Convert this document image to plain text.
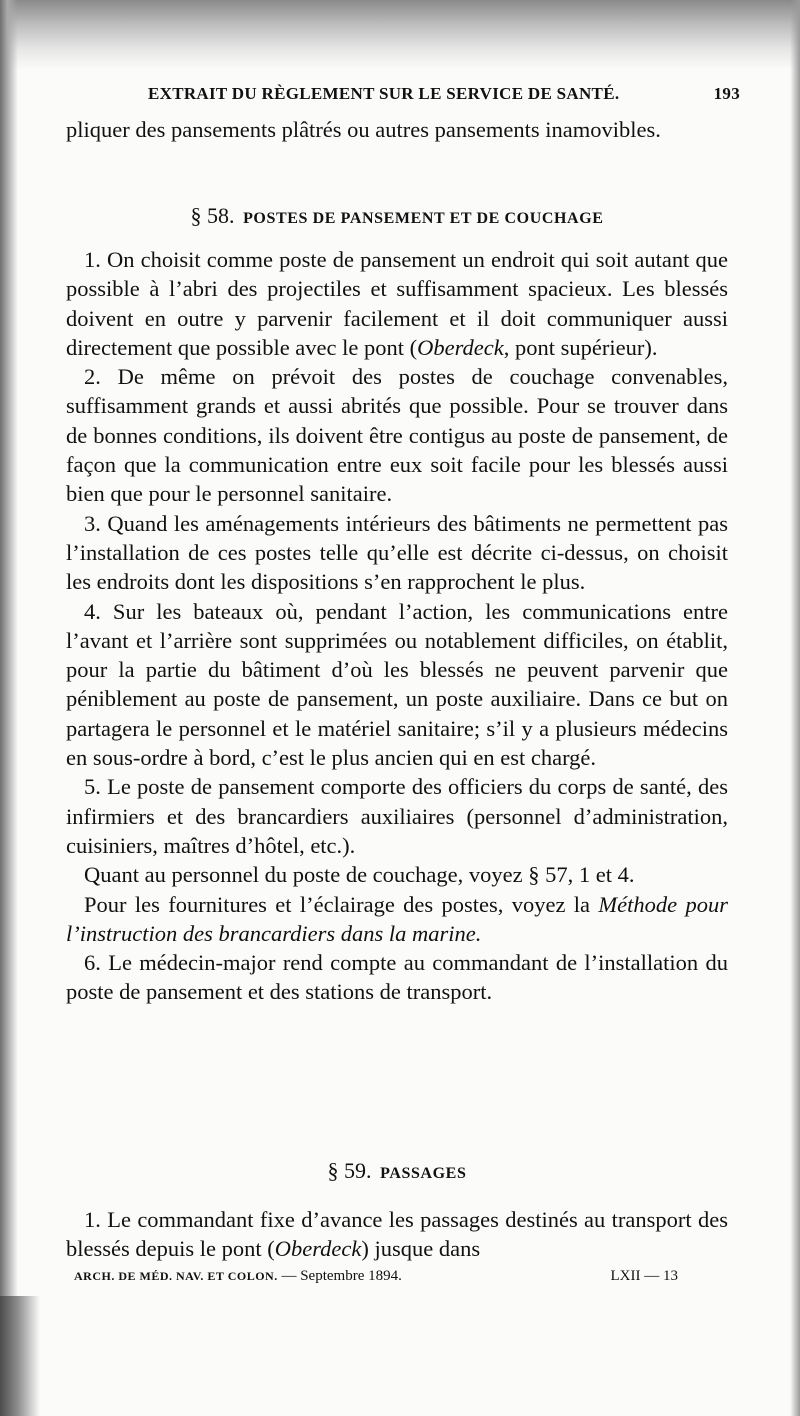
EXTRAIT DU RÈGLEMENT SUR LE SERVICE DE SANTÉ.	193

pliquer des pansements plâtrés ou autres pansements inamovibles.

§ 58. POSTES DE PANSEMENT ET DE COUCHAGE

1. On choisit comme poste de pansement un endroit qui soit autant que possible à l’abri des projectiles et suffisamment spacieux. Les blessés doivent en outre y parvenir facilement et il doit communiquer aussi directement que possible avec le pont (Oberdeck, pont supérieur).

2. De même on prévoit des postes de couchage convenables, suffisamment grands et aussi abrités que possible. Pour se trouver dans de bonnes conditions, ils doivent être contigus au poste de pansement, de façon que la communication entre eux soit facile pour les blessés aussi bien que pour le personnel sanitaire.

3. Quand les aménagements intérieurs des bâtiments ne permettent pas l’installation de ces postes telle qu’elle est décrite ci-dessus, on choisit les endroits dont les dispositions s’en rapprochent le plus.

4. Sur les bateaux où, pendant l’action, les communications entre l’avant et l’arrière sont supprimées ou notablement difficiles, on établit, pour la partie du bâtiment d’où les blessés ne peuvent parvenir que péniblement au poste de pansement, un poste auxiliaire. Dans ce but on partagera le personnel et le matériel sanitaire; s’il y a plusieurs médecins en sous-ordre à bord, c’est le plus ancien qui en est chargé.

5. Le poste de pansement comporte des officiers du corps de santé, des infirmiers et des brancardiers auxiliaires (personnel d’administration, cuisiniers, maîtres d’hôtel, etc.).

Quant au personnel du poste de couchage, voyez § 57, 1 et 4.

Pour les fournitures et l’éclairage des postes, voyez la Méthode pour l’instruction des brancardiers dans la marine.

6. Le médecin-major rend compte au commandant de l’installation du poste de pansement et des stations de transport.

§ 59. PASSAGES

1. Le commandant fixe d’avance les passages destinés au transport des blessés depuis le pont (Oberdeck) jusque dans

ARCH. DE MÉD. NAV. ET COLON. — Septembre 1894.	LXII — 13
